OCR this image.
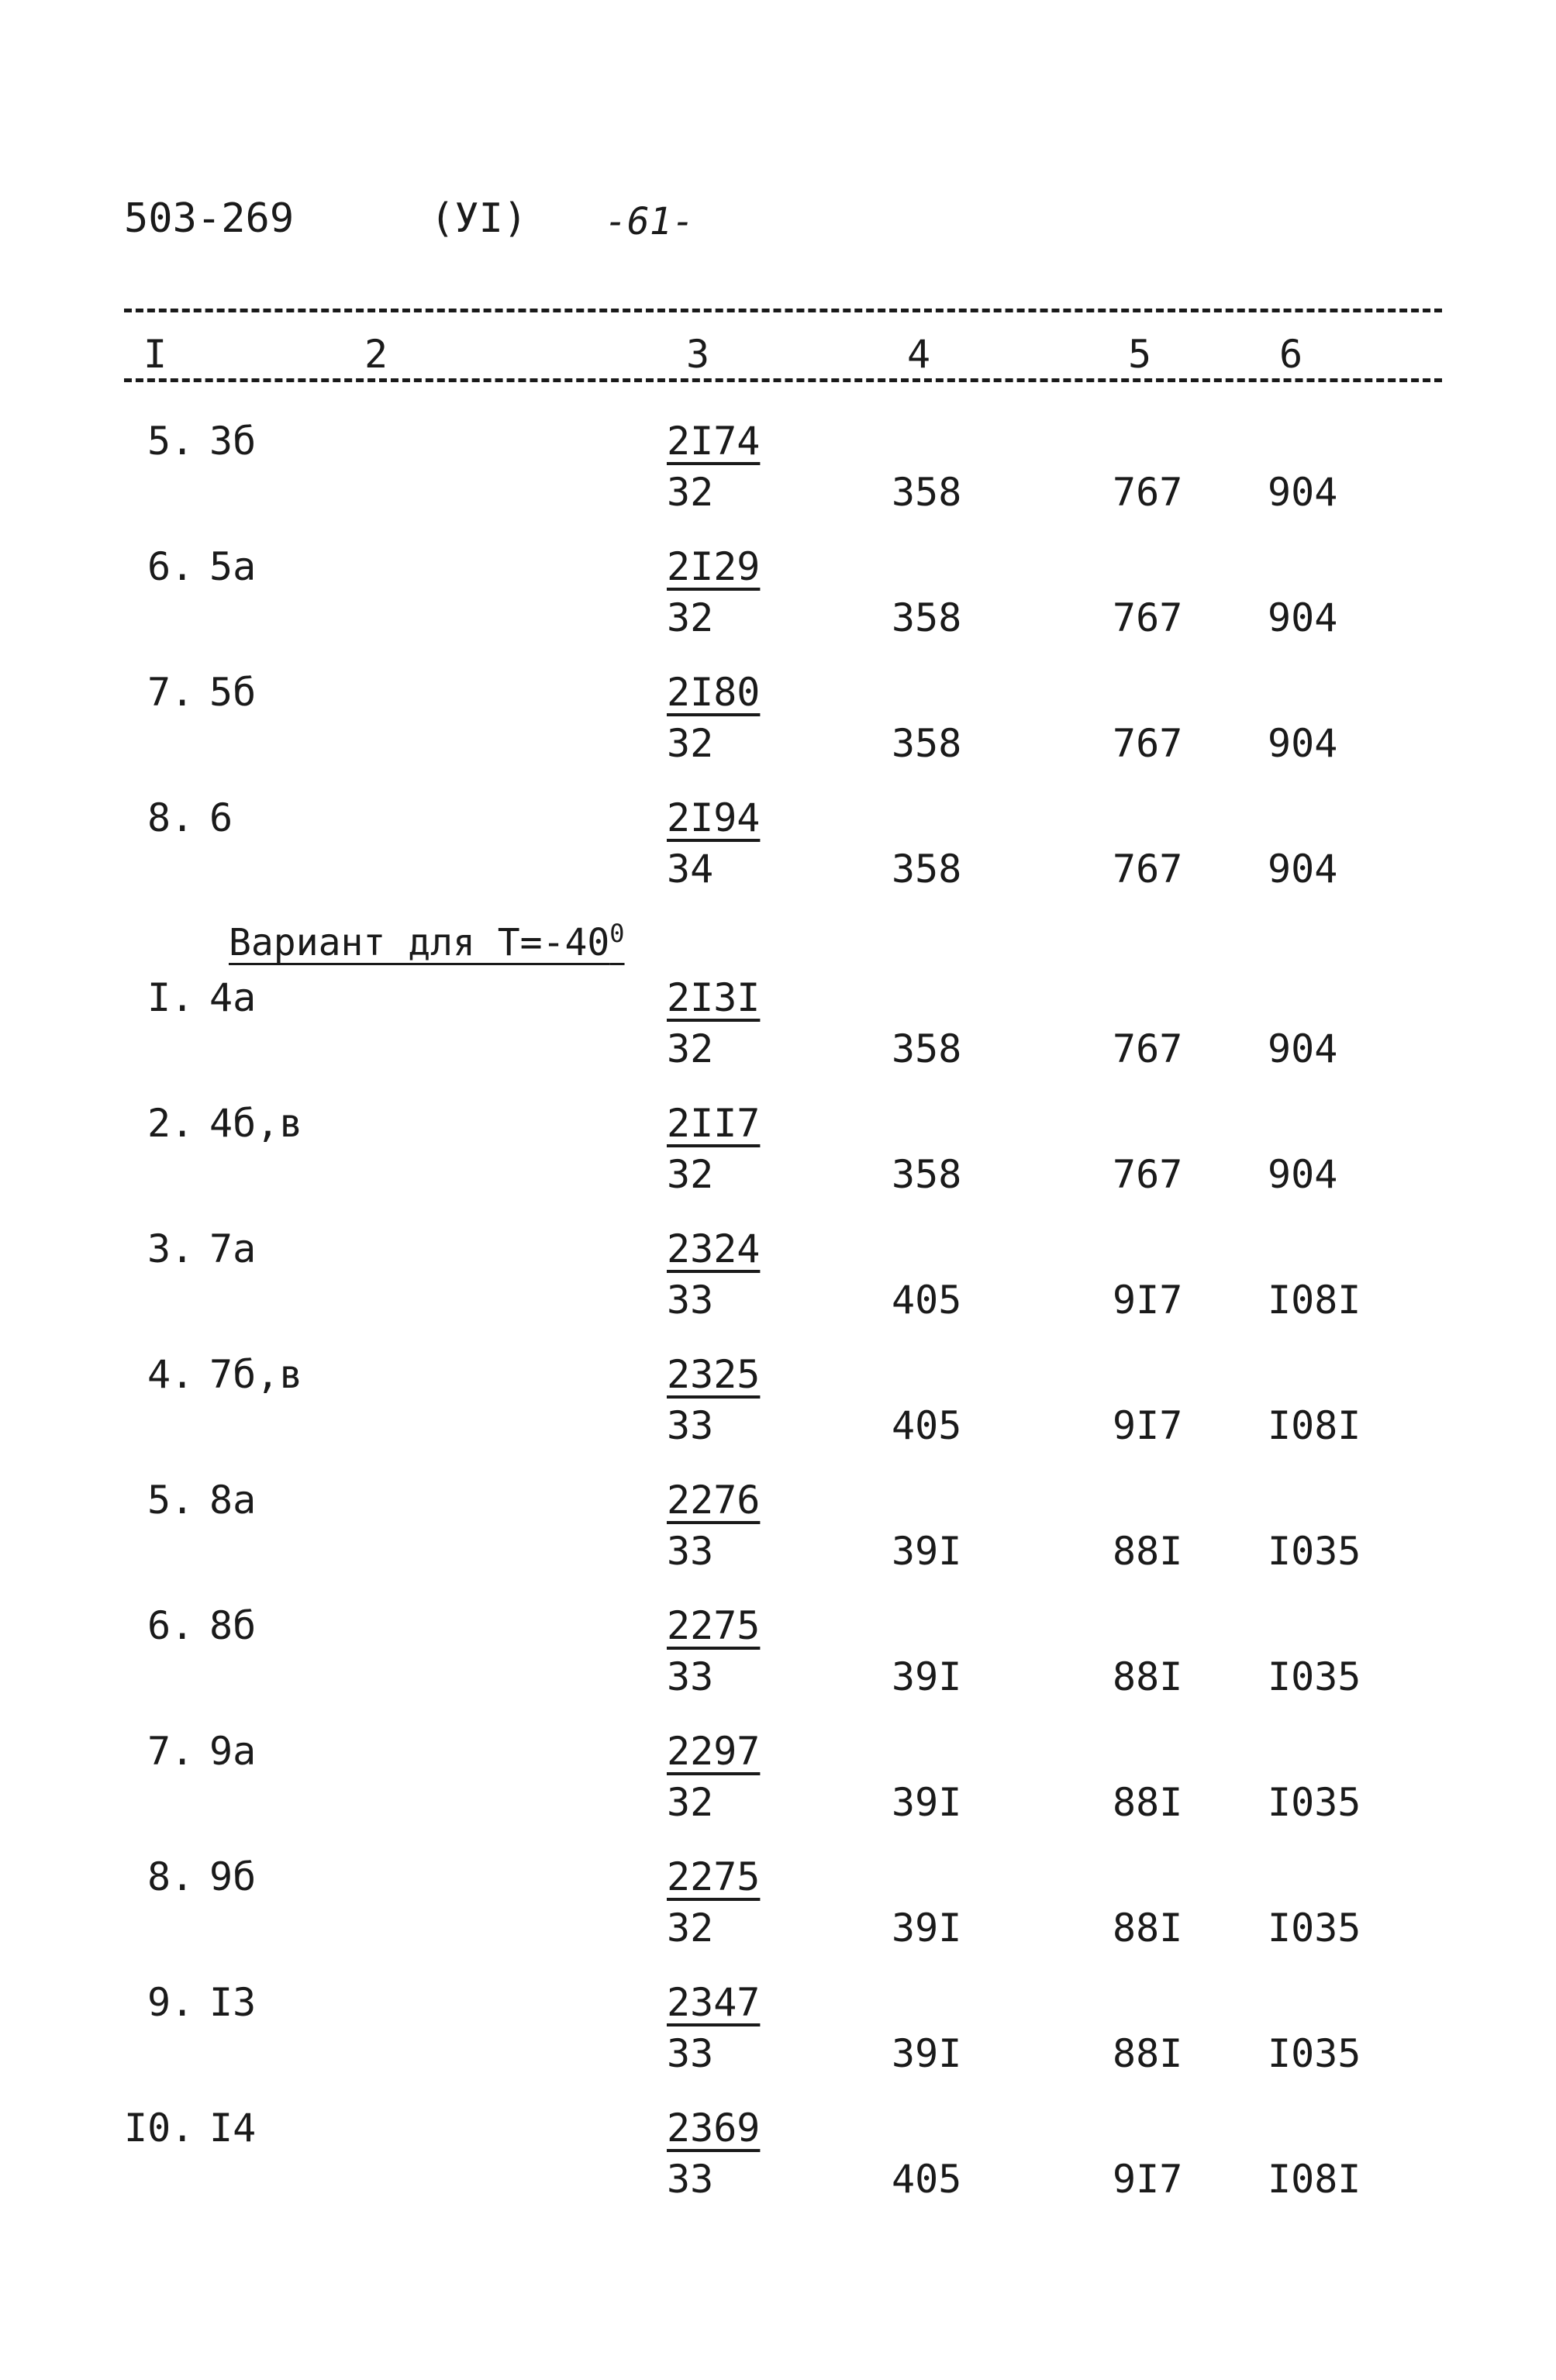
503-269	(УI) -61-
I	2	3	4	5	6
Вариант для $Т=-40^0$
5. 3б	2I74
32	358	767 904
6. 5а	2I29
32	358	767 904
7. 5б	2I80
32	358	767 904
8. 6	2I94
34	358	767 904
I. 4а	2I3I
32	358	767 904
2. 4б,в	2II7
32	358	767 904
3. 7а	2324
33	405	9I7 I08I
4. 7б,в	2325
33	405	9I7 I08I
5. 8а	2276
33	39I	88I I035
6. 8б	2275
33	39I	88I I035
7. 9а	2297
32	39I	88I I035
8. 9б	2275
32	39I	88I I035
9. I3	2347
33	39I	88I I035
I0. I4	2369
33	405	9I7 I08I
